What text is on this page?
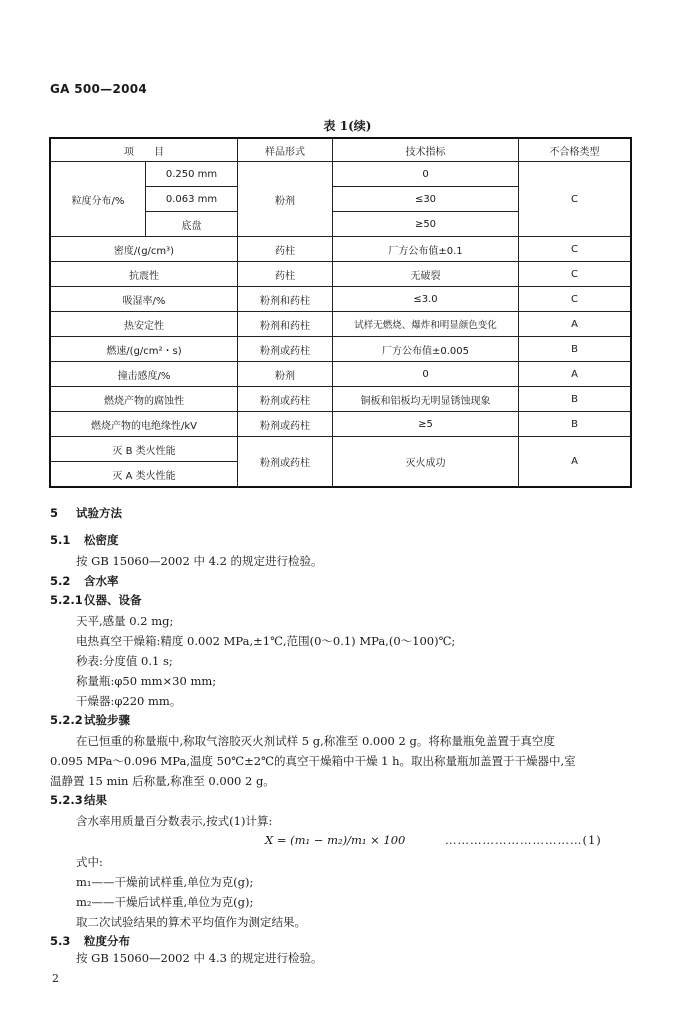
GA 500—2004
表 1(续)
项　　目		样品形式	技术指标	不合格类型
粒度分布/%	0.250 mm	粉剂	0	C
	0.063 mm		≤30	
	底盘		≥50	
密度/(g/cm³)		药柱	厂方公布值±0.1	C
抗震性		药柱	无破裂	C
吸湿率/%		粉剂和药柱	≤3.0	C
热安定性		粉剂和药柱	试样无燃烧、爆炸和明显颜色变化	A
燃速/(g/cm²・s)		粉剂或药柱	厂方公布值±0.005	B
撞击感度/%		粉剂	0	A
燃烧产物的腐蚀性		粉剂或药柱	铜板和铝板均无明显锈蚀现象	B
燃烧产物的电绝缘性/kV		粉剂或药柱	≥5	B
灭 B 类火性能		粉剂或药柱	灭火成功	A
灭 A 类火性能				
5 试验方法
5.1 松密度
按 GB 15060—2002 中 4.2 的规定进行检验。
5.2 含水率
5.2.1仪器、设备
天平,感量 0.2 mg;
电热真空干燥箱:精度 0.002 MPa,±1℃,范围(0～0.1) MPa,(0～100)℃;
秒表:分度值 0.1 s;
称量瓶:φ50 mm×30 mm;
干燥器:φ220 mm。
5.2.2试验步骤
在已恒重的称量瓶中,称取气溶胶灭火剂试样 5 g,称准至 0.000 2 g。将称量瓶免盖置于真空度
0.095 MPa～0.096 MPa,温度 50℃±2℃的真空干燥箱中干燥 1 h。取出称量瓶加盖置于干燥器中,室
温静置 15 min 后称量,称准至 0.000 2 g。
5.2.3结果
含水率用质量百分数表示,按式(1)计算:
X = (m₁ − m₂)/m₁ × 100	……………………………(1)
式中:
m₁——干燥前试样重,单位为克(g);
m₂——干燥后试样重,单位为克(g);
取二次试验结果的算术平均值作为测定结果。
5.3 粒度分布
按 GB 15060—2002 中 4.3 的规定进行检验。
2
